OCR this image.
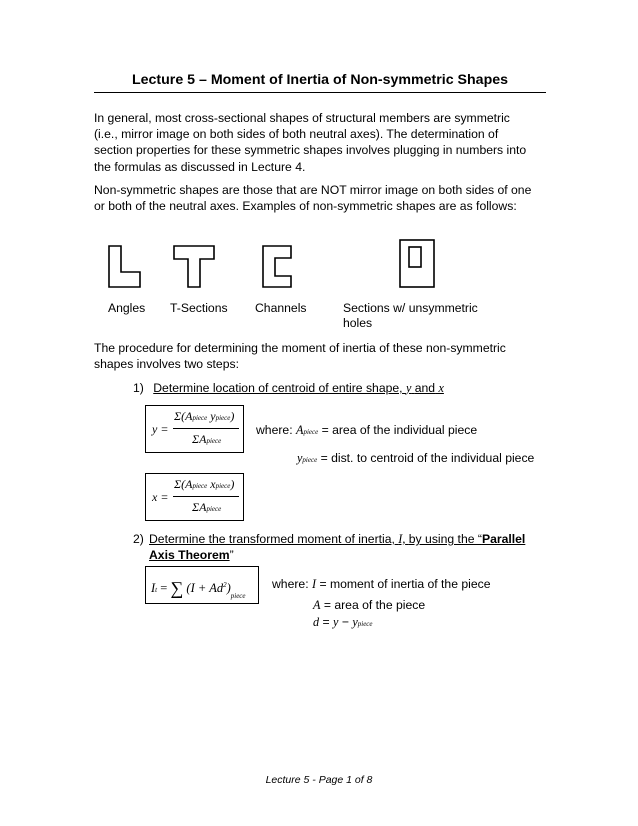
Lecture 5 – Moment of Inertia of Non-symmetric Shapes
In general, most cross-sectional shapes of structural members are symmetric
(i.e., mirror image on both sides of both neutral axes). The determination of
section properties for these symmetric shapes involves plugging in numbers into
the formulas as discussed in Lecture 4.
Non-symmetric shapes are those that are NOT mirror image on both sides of one
or both of the neutral axes. Examples of non-symmetric shapes are as follows:
Angles T-Sections Channels	Sections w/ unsymmetric
holes
The procedure for determining the moment of inertia of these non-symmetric
shapes involves two steps:
1) Determine location of centroid of entire shape, y and x
y =
Σ(Apiece ypiece)
ΣApiece
where: Apiece = area of the individual piece
ypiece = dist. to centroid of the individual piece
x =
Σ(Apiece xpiece)
ΣApiece
2) Determine the transformed moment of inertia, I, by using the “Parallel
Axis Theorem”
It = ∑ $(I + Ad^2)_{piece}$
where: I = moment of inertia of the piece
A = area of the piece
d = y − ypiece
Lecture 5 - Page 1 of 8
